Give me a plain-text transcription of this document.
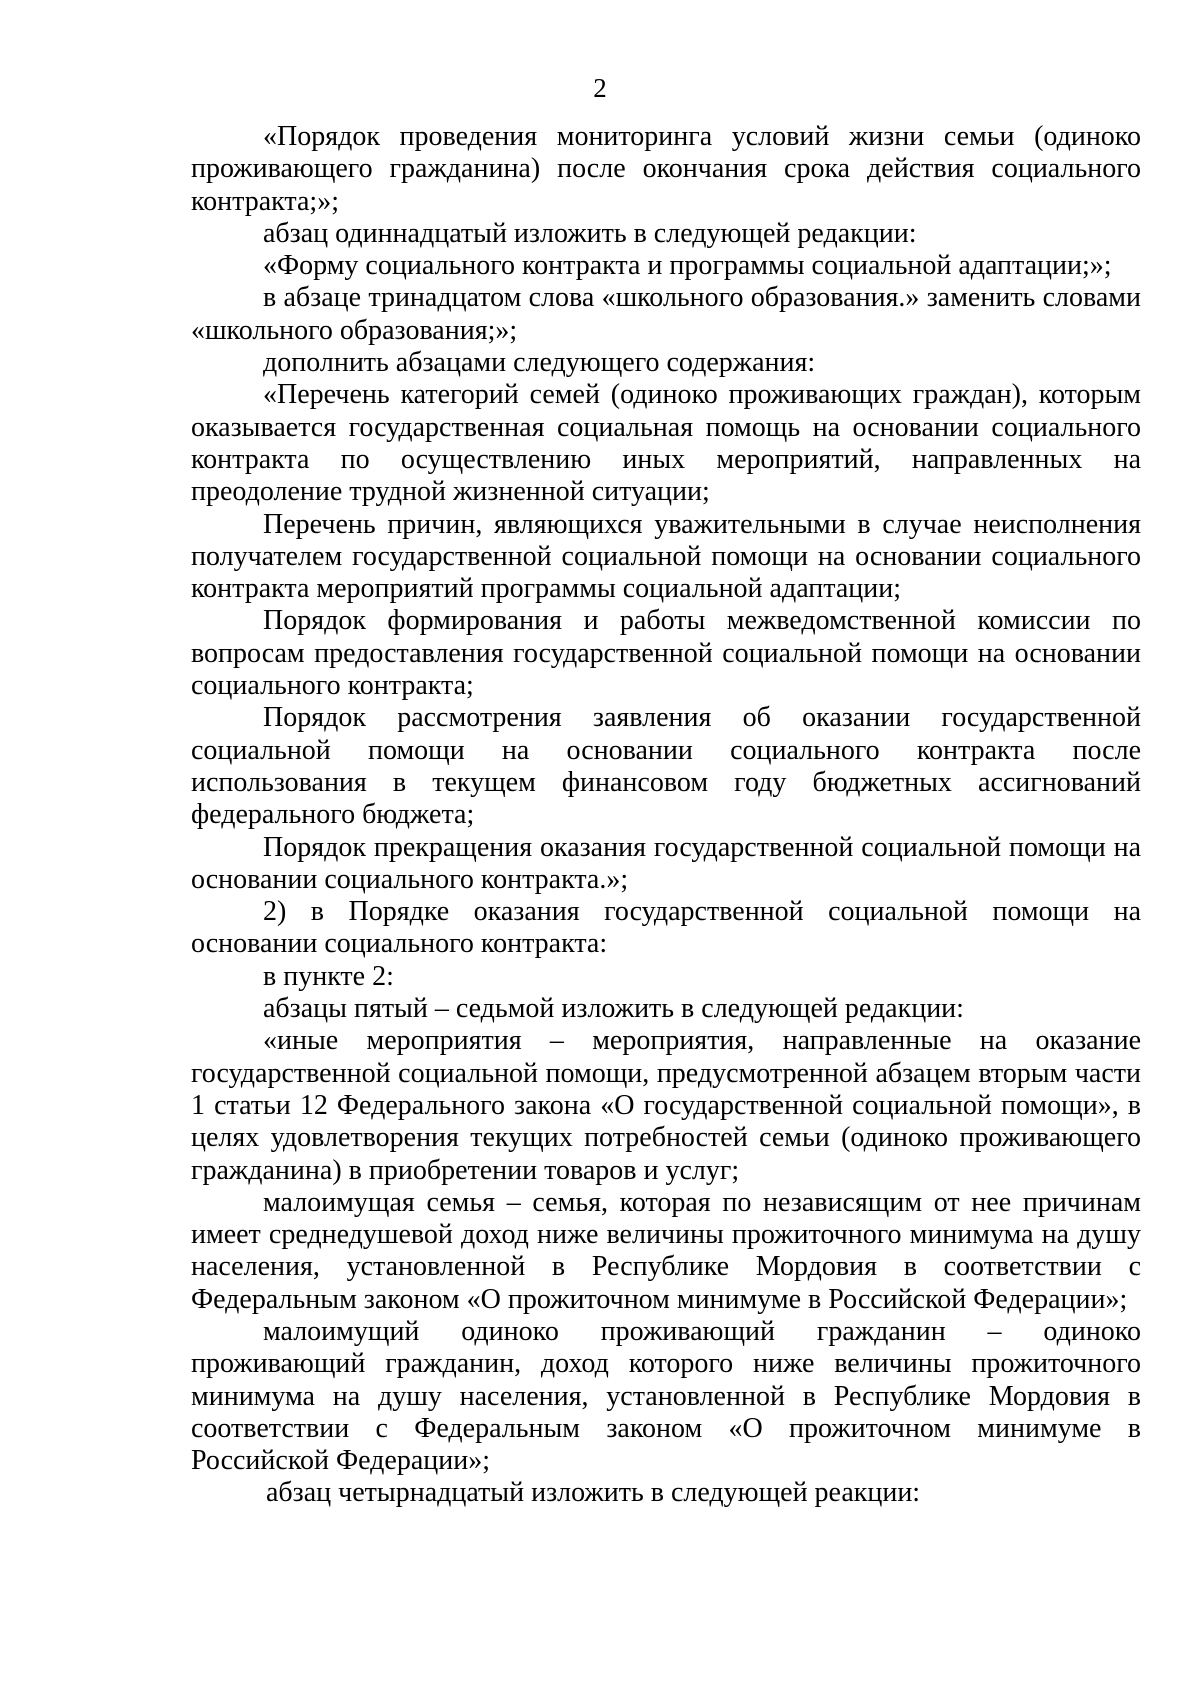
2

«Порядок проведения мониторинга условий жизни семьи (одиноко проживающего гражданина) после окончания срока действия социального контракта;»;

абзац одиннадцатый изложить в следующей редакции:

«Форму социального контракта и программы социальной адаптации;»;

в абзаце тринадцатом слова «школьного образования.» заменить словами «школьного образования;»;

дополнить абзацами следующего содержания:

«Перечень категорий семей (одиноко проживающих граждан), которым оказывается государственная социальная помощь на основании социального контракта по осуществлению иных мероприятий, направленных на преодоление трудной жизненной ситуации;

Перечень причин, являющихся уважительными в случае неисполнения получателем государственной социальной помощи на основании социального контракта мероприятий программы социальной адаптации;

Порядок формирования и работы межведомственной комиссии по вопросам предоставления государственной социальной помощи на основании социального контракта;

Порядок рассмотрения заявления об оказании государственной социальной помощи на основании социального контракта после использования в текущем финансовом году бюджетных ассигнований федерального бюджета;

Порядок прекращения оказания государственной социальной помощи на основании социального контракта.»;

2) в Порядке оказания государственной социальной помощи на основании социального контракта:

в пункте 2:

абзацы пятый – седьмой изложить в следующей редакции:

«иные мероприятия – мероприятия, направленные на оказание государственной социальной помощи, предусмотренной абзацем вторым части 1 статьи 12 Федерального закона «О государственной социальной помощи», в целях удовлетворения текущих потребностей семьи (одиноко проживающего гражданина) в приобретении товаров и услуг;

малоимущая семья – семья, которая по независящим от нее причинам имеет среднедушевой доход ниже величины прожиточного минимума на душу населения, установленной в Республике Мордовия в соответствии с Федеральным законом «О прожиточном минимуме в Российской Федерации»;

малоимущий одиноко проживающий гражданин – одиноко проживающий гражданин, доход которого ниже величины прожиточного минимума на душу населения, установленной в Республике Мордовия в соответствии с Федеральным законом «О прожиточном минимуме в Российской Федерации»;

абзац четырнадцатый изложить в следующей реакции:
